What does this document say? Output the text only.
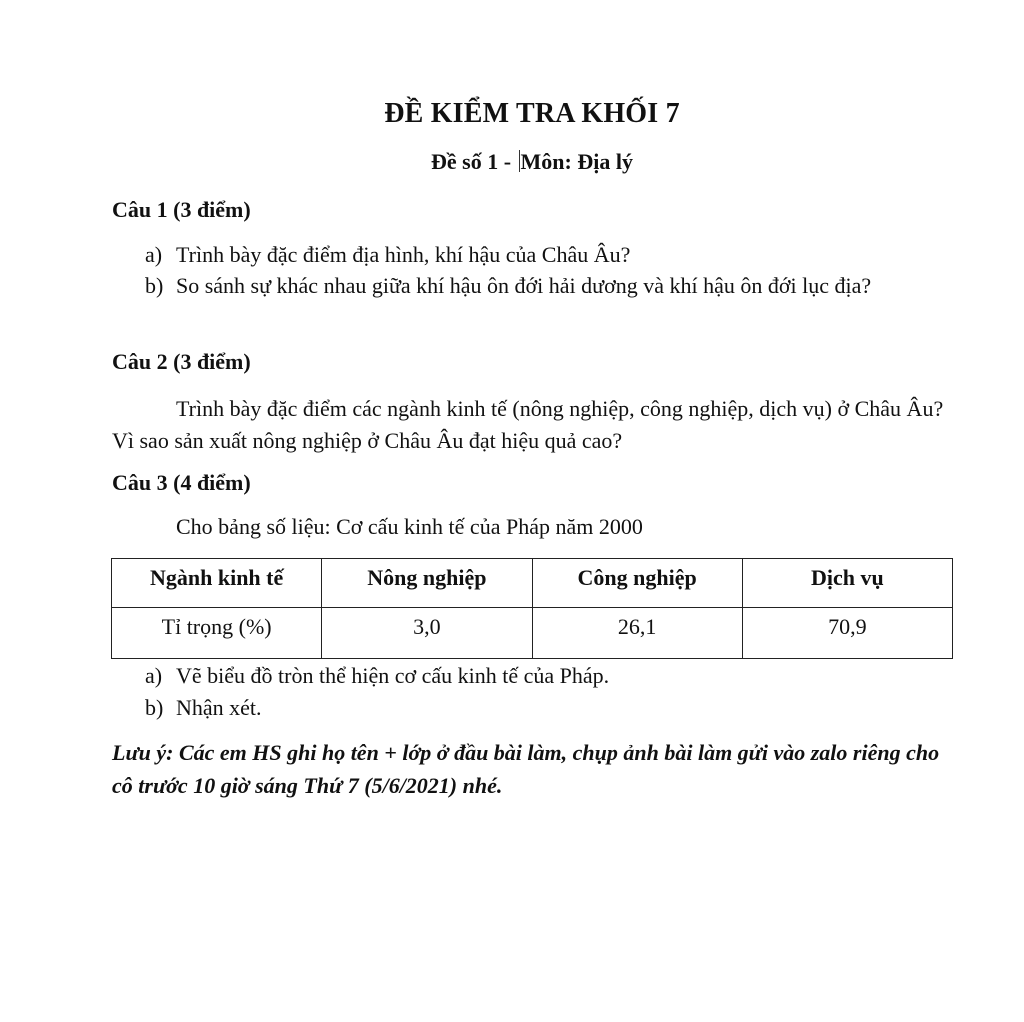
ĐỀ KIỂM TRA KHỐI 7
Đề số 1 - Môn: Địa lý
Câu 1 (3 điểm)
a) Trình bày đặc điểm địa hình, khí hậu của Châu Âu?
b) So sánh sự khác nhau giữa khí hậu ôn đới hải dương và khí hậu ôn đới lục địa?
Câu 2 (3 điểm)
Trình bày đặc điểm các ngành kinh tế (nông nghiệp, công nghiệp, dịch vụ) ở Châu Âu? Vì sao sản xuất nông nghiệp ở Châu Âu đạt hiệu quả cao?
Câu 3 (4 điểm)
Cho bảng số liệu: Cơ cấu kinh tế của Pháp năm 2000
Ngành kinh tế	Nông nghiệp	Công nghiệp	Dịch vụ
Tỉ trọng (%)	3,0	26,1	70,9
a) Vẽ biểu đồ tròn thể hiện cơ cấu kinh tế của Pháp.
b) Nhận xét.
Lưu ý: Các em HS ghi họ tên + lớp ở đầu bài làm, chụp ảnh bài làm gửi vào zalo riêng cho cô trước 10 giờ sáng Thứ 7 (5/6/2021) nhé.
